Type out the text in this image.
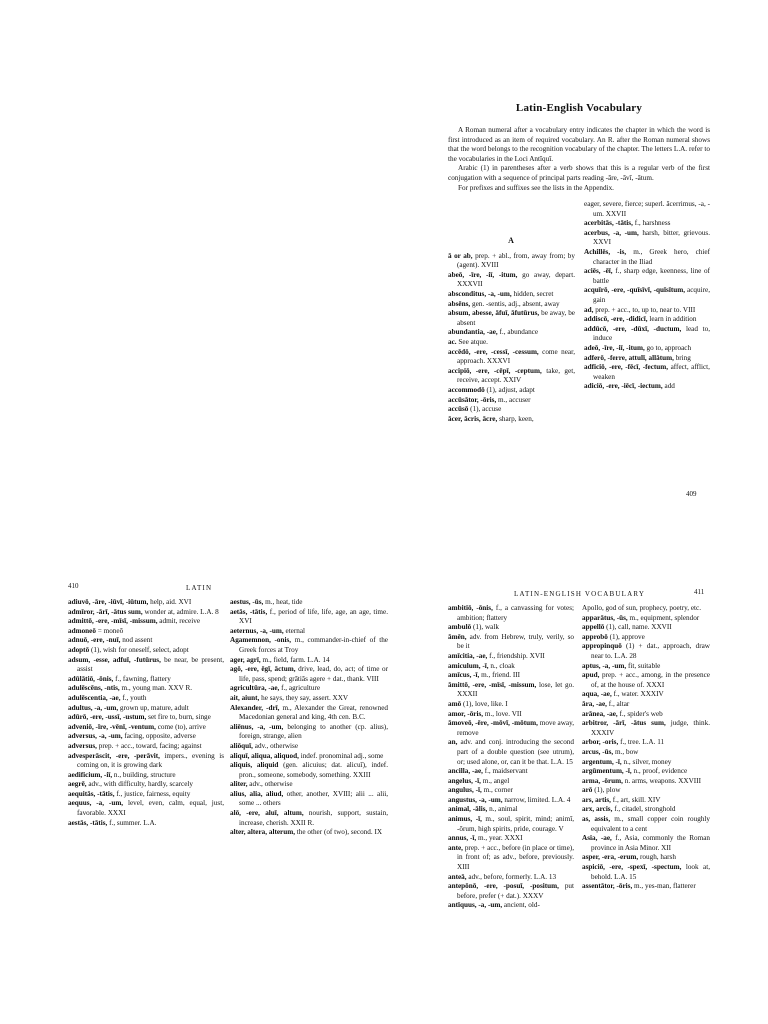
Latin-English Vocabulary

A Roman numeral after a vocabulary entry indicates the chapter in which the word is first introduced as an item of required vocabulary. An R. after the Roman numeral shows that the word belongs to the recognition vocabulary of the chapter. The letters L.A. refer to the vocabularies in the Loci Antīquī.

Arabic (1) in parentheses after a verb shows that this is a regular verb of the first conjugation with a sequence of principal parts reading -āre, -āvī, -ātum.

For prefixes and suffixes see the lists in the Appendix.

A
ā or ab, prep. + abl., from, away from; by (agent). XVIII
abeō, -īre, -iī, -itum, go away, depart. XXXVII
absconditus, -a, -um, hidden, secret
absēns, gen. -sentis, adj., absent, away
absum, abesse, āfuī, āfutūrus, be away, be absent
abundantia, -ae, f., abundance
ac. See atque.
accēdō, -ere, -cessī, -cessum, come near, approach. XXXVI
accipiō, -ere, -cēpī, -ceptum, take, get, receive, accept. XXIV
accommodō (1), adjust, adapt
accūsātor, -ōris, m., accuser
accūsō (1), accuse
ācer, ācris, ācre, sharp, keen,
eager, severe, fierce; superl. ācerrimus, -a, -um. XXVII
acerbitās, -tātis, f., harshness
acerbus, -a, -um, harsh, bitter, grievous. XXVI
Achillēs, -is, m., Greek hero, chief character in the Iliad
aciēs, -ēī, f., sharp edge, keenness, line of battle
acquīrō, -ere, -quīsīvī, -quīsītum, acquire, gain
ad, prep. + acc., to, up to, near to. VIII
addiscō, -ere, -didicī, learn in addition
addūcō, -ere, -dūxī, -ductum, lead to, induce
adeō, -īre, -iī, -itum, go to, approach
adferō, -ferre, attulī, allātum, bring
adficiō, -ere, -fēcī, -fectum, affect, afflict, weaken
adiciō, -ere, -iēcī, -iectum, add
409
410	LATIN
adiuvō, -āre, -iūvī, -iūtum, help, aid. XVI
admīror, -ārī, -ātus sum, wonder at, admire. L.A. 8
admittō, -ere, -mīsī, -missum, admit, receive
admoneō = moneō
adnuō, -ere, -nuī, nod assent
adoptō (1), wish for oneself, select, adopt
adsum, -esse, adfuī, -futūrus, be near, be present, assist
adūlātiō, -ōnis, f., fawning, flattery
adulēscēns, -ntis, m., young man. XXV R.
adulēscentia, -ae, f., youth
adultus, -a, -um, grown up, mature, adult
adūrō, -ere, -ussī, -ustum, set fire to, burn, singe
adveniō, -īre, -vēnī, -ventum, come (to), arrive
adversus, -a, -um, facing, opposite, adverse
adversus, prep. + acc., toward, facing; against
advesperāscit, -ere, -perāvit, impers., evening is coming on, it is growing dark
aedificium, -iī, n., building, structure
aegrē, adv., with difficulty, hardly, scarcely
aequitās, -tātis, f., justice, fairness, equity
aequus, -a, -um, level, even, calm, equal, just, favorable. XXXI
aestās, -tātis, f., summer. L.A.
aestus, -ūs, m., heat, tide
aetās, -tātis, f., period of life, life, age, an age, time. XVI
aeternus, -a, -um, eternal
Agamemnon, -onis, m., commander-in-chief of the Greek forces at Troy
ager, agrī, m., field, farm. L.A. 14
agō, -ere, ēgī, āctum, drive, lead, do, act; of time or life, pass, spend; grātiās agere + dat., thank. VIII
agricultūra, -ae, f., agriculture
ait, aiunt, he says, they say, assert. XXV
Alexander, -drī, m., Alexander the Great, renowned Macedonian general and king, 4th cen. B.C.
aliēnus, -a, -um, belonging to another (cp. alius), foreign, strange, alien
aliōquī, adv., otherwise
aliquī, aliqua, aliquod, indef. pronominal adj., some
aliquis, aliquid (gen. alicuius; dat. alicuī), indef. pron., someone, somebody, something. XXIII
aliter, adv., otherwise
alius, alia, aliud, other, another, XVIII; alii ... alii, some ... others
alō, -ere, aluī, altum, nourish, support, sustain, increase, cherish. XXII R.
alter, altera, alterum, the other (of two), second. IX
LATIN-ENGLISH VOCABULARY	411
ambitiō, -ōnis, f., a canvassing for votes; ambition; flattery
ambulō (1), walk
āmēn, adv. from Hebrew, truly, verily, so be it
amīcitia, -ae, f., friendship. XVII
amiculum, -ī, n., cloak
amīcus, -ī, m., friend. III
āmittō, -ere, -mīsī, -missum, lose, let go. XXXII
amō (1), love, like. I
amor, -ōris, m., love. VII
āmoveō, -ēre, -mōvī, -mōtum, move away, remove
an, adv. and conj. introducing the second part of a double question (see utrum), or; used alone, or, can it be that. L.A. 15
ancilla, -ae, f., maidservant
angelus, -ī, m., angel
angulus, -ī, m., corner
angustus, -a, -um, narrow, limited. L.A. 4
animal, -ālis, n., animal
animus, -ī, m., soul, spirit, mind; animī, -ōrum, high spirits, pride, courage. V
annus, -ī, m., year. XXXI
ante, prep. + acc., before (in place or time), in front of; as adv., before, previously. XIII
anteā, adv., before, formerly. L.A. 13
antepōnō, -ere, -posuī, -positum, put before, prefer (+ dat.). XXXV
antīquus, -a, -um, ancient, old-
Apollo, god of sun, prophecy, poetry, etc.
apparātus, -ūs, m., equipment, splendor
appellō (1), call, name. XXVII
approbō (1), approve
appropinquō (1) + dat., approach, draw near to. L.A. 28
aptus, -a, -um, fit, suitable
apud, prep. + acc., among, in the presence of, at the house of. XXXI
aqua, -ae, f., water. XXXIV
āra, -ae, f., altar
arānea, -ae, f., spider's web
arbitror, -ārī, -ātus sum, judge, think. XXXIV
arbor, -oris, f., tree. L.A. 11
arcus, -ūs, m., bow
argentum, -ī, n., silver, money
argūmentum, -ī, n., proof, evidence
arma, -ōrum, n. arms, weapons. XXVIII
arō (1), plow
ars, artis, f., art, skill. XIV
arx, arcis, f., citadel, stronghold
as, assis, m., small copper coin roughly equivalent to a cent
Asia, -ae, f., Asia, commonly the Roman province in Asia Minor. XII
asper, -era, -erum, rough, harsh
aspiciō, -ere, -spexī, -spectum, look at, behold. L.A. 15
assentātor, -ōris, m., yes-man, flatterer
